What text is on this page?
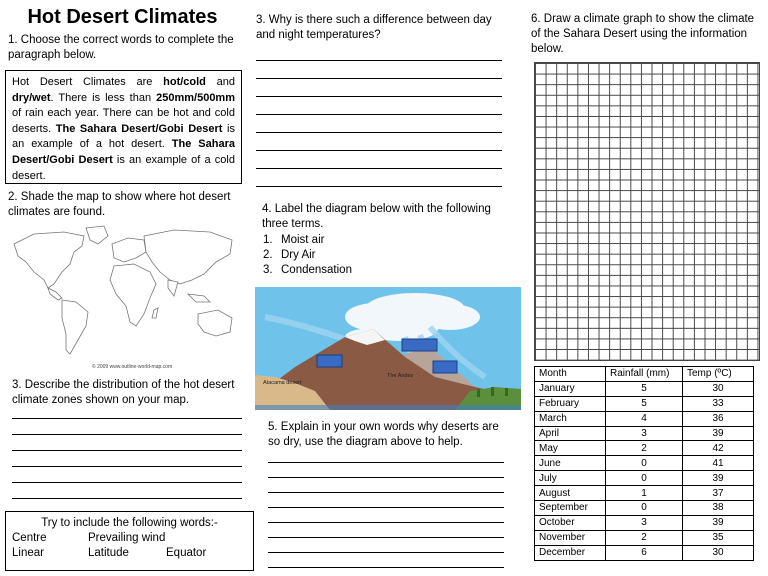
Hot Desert Climates
1. Choose the correct words to complete the paragraph below.
Hot Desert Climates are hot/cold and dry/wet. There is less than 250mm/500mm of rain each year. There can be hot and cold deserts. The Sahara Desert/Gobi Desert is an example of a hot desert. The Sahara Desert/Gobi Desert is an example of a cold desert.
2. Shade the map to show where hot desert climates are found.
© 2009 www.outline-world-map.com
3. Describe the distribution of the hot desert climate zones shown on your map.
Try to include the following words:-
Centre	Prevailing wind
Linear	Latitude	Equator
3. Why is there such a difference between day and night temperatures?
4. Label the diagram below with the following three terms.
1. Moist air
2. Dry Air
3. Condensation
Atacama desert
The Andes
5. Explain in your own words why deserts are so dry, use the diagram above to help.
6. Draw a climate graph to show the climate of the Sahara Desert using the information below.
Month	Rainfall (mm)	Temp (ºC)
January	5	30
February	5	33
March	4	36
April	3	39
May	2	42
June	0	41
July	0	39
August	1	37
September	0	38
October	3	39
November	2	35
December	6	30
